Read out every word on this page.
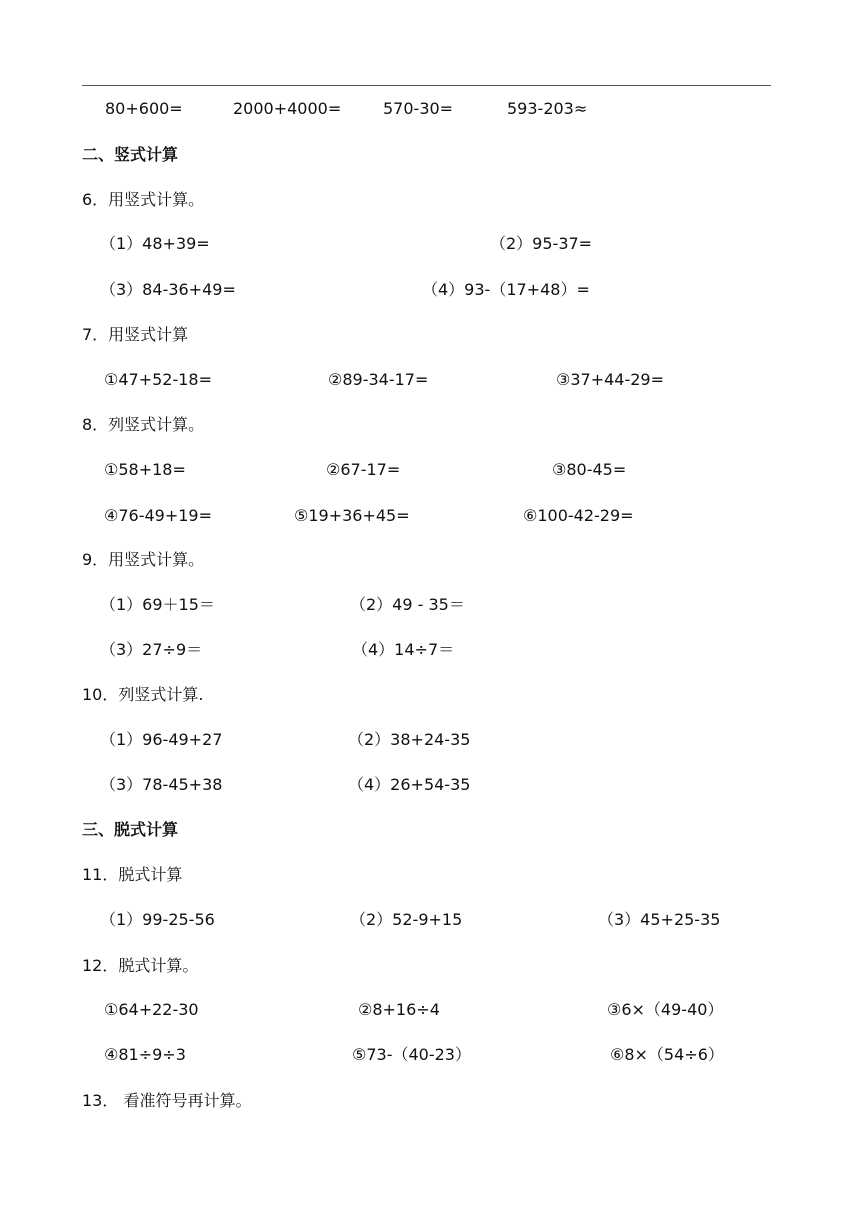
80+600=	2000+4000=	570-30=	593-203≈
二、竖式计算
6．用竖式计算。
（1）48+39=	（2）95-37=
（3）84-36+49=	（4）93-（17+48）=
7．用竖式计算
①47+52-18=	②89-34-17=	③37+44-29=
8．列竖式计算。
①58+18=	②67-17=	③80-45=
④76-49+19=	⑤19+36+45=	⑥100-42-29=
9．用竖式计算。
（1）69＋15＝	（2）49 - 35＝
（3）27÷9＝	（4）14÷7＝
10．列竖式计算.
（1）96-49+27	（2）38+24-35
（3）78-45+38	（4）26+54-35
三、脱式计算
11．脱式计算
（1）99-25-56	（2）52-9+15	（3）45+25-35
12．脱式计算。
①64+22-30	②8+16÷4	③6×（49-40）
④81÷9÷3	⑤73-（40-23）	⑥8×（54÷6）
13． 看准符号再计算。
